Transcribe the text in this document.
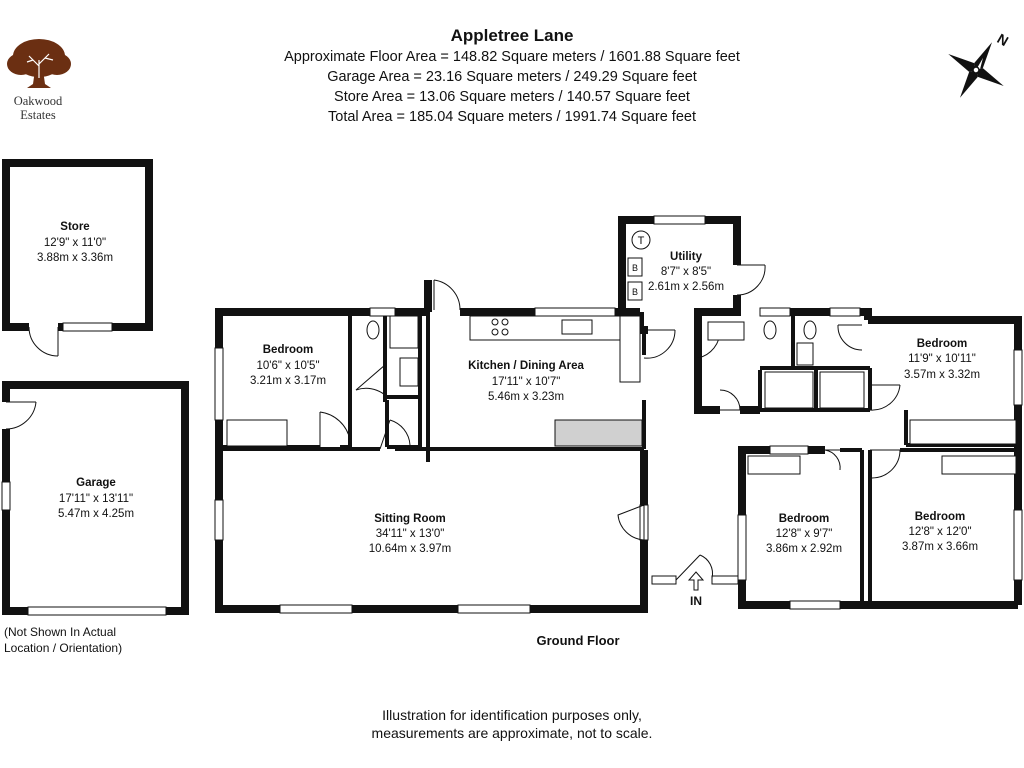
Appletree Lane
Approximate Floor Area = 148.82 Square meters / 1601.88 Square feet
Garage Area = 23.16 Square meters / 249.29 Square feet
Store Area = 13.06 Square meters / 140.57 Square feet
Total Area = 185.04 Square meters / 1991.74 Square feet
Oakwood
Estates
N
T
B
B
Store
12'9" x 11'0"
3.88m x 3.36m
Garage
17'11" x 13'11"
5.47m x 4.25m
Bedroom
10'6" x 10'5"
3.21m x 3.17m
Kitchen / Dining Area
17'11" x 10'7"
5.46m x 3.23m
Utility
8'7" x 8'5"
2.61m x 2.56m
Bedroom
11'9" x 10'11"
3.57m x 3.32m
Sitting Room
34'11" x 13'0"
10.64m x 3.97m
Bedroom
12'8" x 9'7"
3.86m x 2.92m
Bedroom
12'8" x 12'0"
3.87m x 3.66m
IN
Ground Floor
(Not Shown In Actual
Location / Orientation)
Illustration for identification purposes only,
measurements are approximate, not to scale.
